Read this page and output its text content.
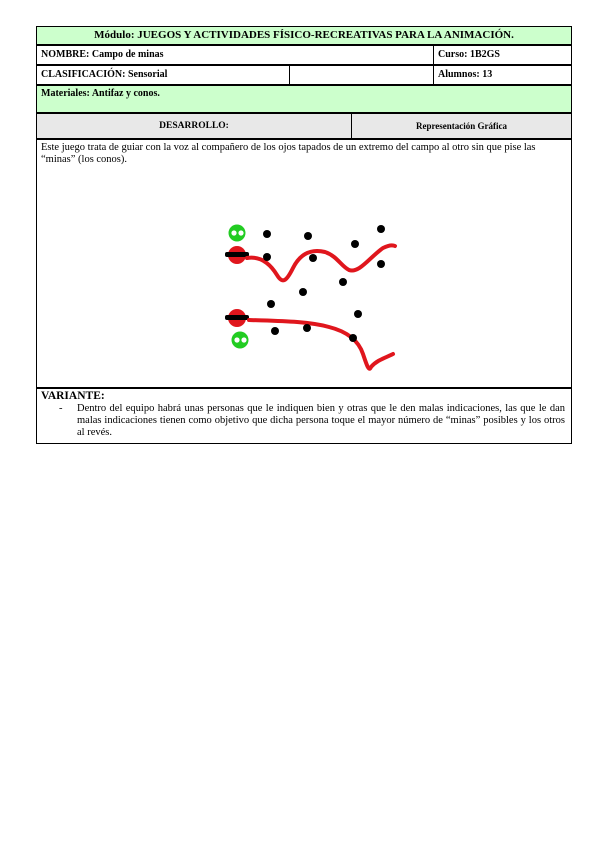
Módulo: JUEGOS Y ACTIVIDADES FÍSICO-RECREATIVAS PARA LA ANIMACIÓN.
NOMBRE: Campo de minas	Curso: 1B2GS
CLASIFICACIÓN: Sensorial	Alumnos: 13
Materiales: Antifaz y conos.
DESARROLLO:	Representación Gráfica
Este juego trata de guiar con la voz al compañero de los ojos tapados de un extremo del campo al otro sin que pise las “minas” (los conos).
VARIANTE:
- Dentro del equipo habrá unas personas que le indiquen bien y otras que le den malas indicaciones, las que le dan malas indicaciones tienen como objetivo que dicha persona toque el mayor número de “minas” posibles y los otros al revés.
